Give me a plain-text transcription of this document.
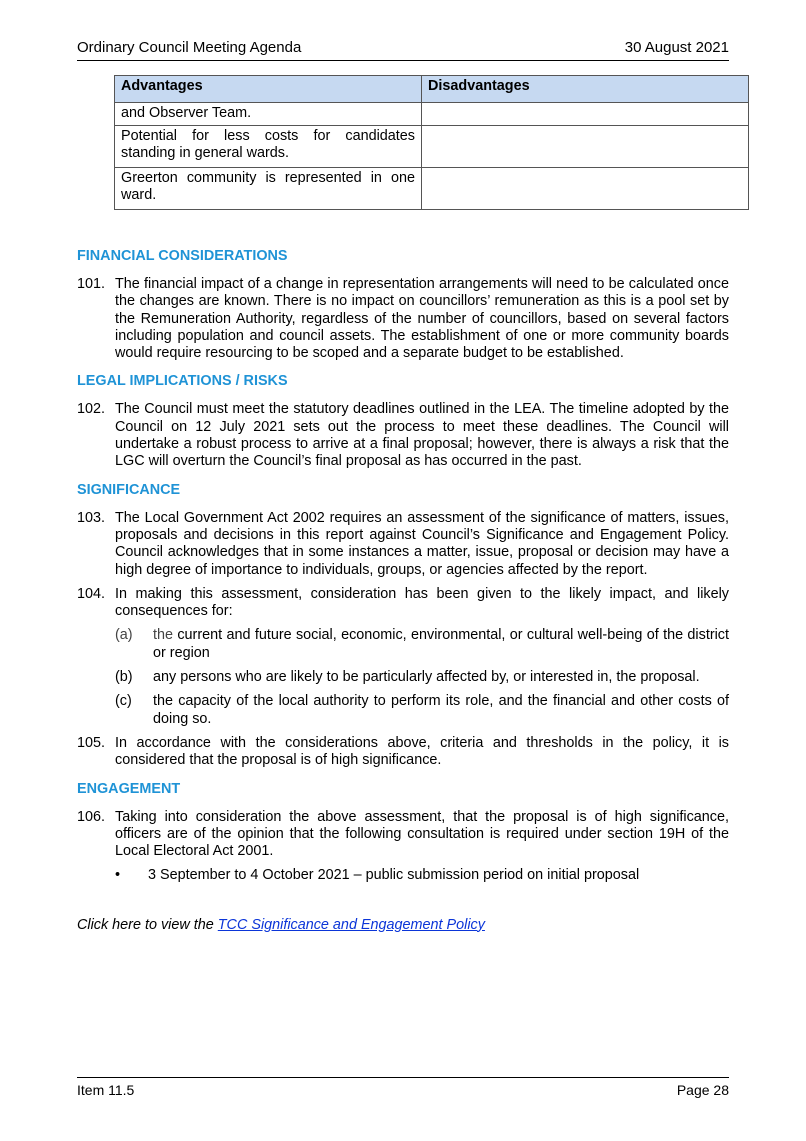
Ordinary Council Meeting Agenda	30 August 2021
Advantages	Disadvantages
and Observer Team.	
Potential for less costs for candidates standing in general wards.	
Greerton community is represented in one ward.	
FINANCIAL CONSIDERATIONS
101. The financial impact of a change in representation arrangements will need to be calculated once the changes are known. There is no impact on councillors’ remuneration as this is a pool set by the Remuneration Authority, regardless of the number of councillors, based on several factors including population and council assets. The establishment of one or more community boards would require resourcing to be scoped and a separate budget to be established.
LEGAL IMPLICATIONS / RISKS
102. The Council must meet the statutory deadlines outlined in the LEA. The timeline adopted by the Council on 12 July 2021 sets out the process to meet these deadlines. The Council will undertake a robust process to arrive at a final proposal; however, there is always a risk that the LGC will overturn the Council’s final proposal as has occurred in the past.
SIGNIFICANCE
103. The Local Government Act 2002 requires an assessment of the significance of matters, issues, proposals and decisions in this report against Council’s Significance and Engagement Policy. Council acknowledges that in some instances a matter, issue, proposal or decision may have a high degree of importance to individuals, groups, or agencies affected by the report.
104. In making this assessment, consideration has been given to the likely impact, and likely consequences for:
(a)	the current and future social, economic, environmental, or cultural well-being of the district or region
(b)	any persons who are likely to be particularly affected by, or interested in, the proposal.
(c)	the capacity of the local authority to perform its role, and the financial and other costs of doing so.
105. In accordance with the considerations above, criteria and thresholds in the policy, it is considered that the proposal is of high significance.
ENGAGEMENT
106. Taking into consideration the above assessment, that the proposal is of high significance, officers are of the opinion that the following consultation is required under section 19H of the Local Electoral Act 2001.
•	3 September to 4 October 2021 – public submission period on initial proposal
Click here to view the TCC Significance and Engagement Policy
Item 11.5	Page 28
